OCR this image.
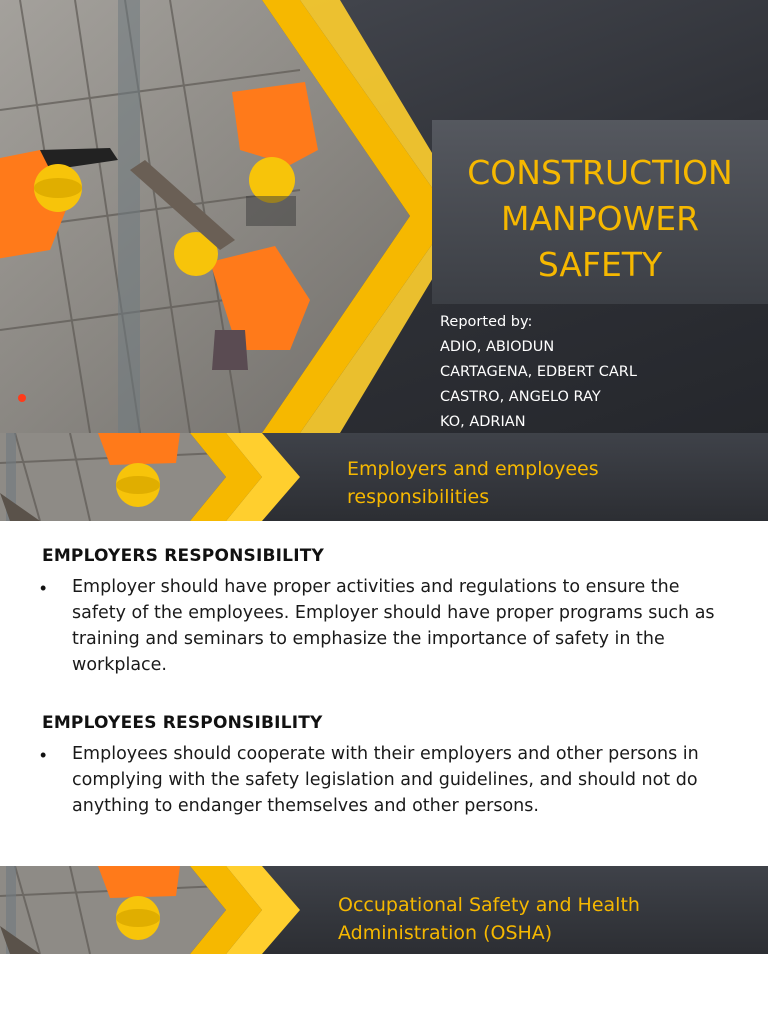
CONSTRUCTION
MANPOWER
SAFETY
Reported by:
ADIO, ABIODUN
CARTAGENA, EDBERT CARL
CASTRO, ANGELO RAY
KO, ADRIAN
Employers and employees
responsibilities
EMPLOYERS RESPONSIBILITY
• Employer should have proper activities and regulations to ensure the
safety of the employees. Employer should have proper programs such as
training and seminars to emphasize the importance of safety in the
workplace.
EMPLOYEES RESPONSIBILITY
• Employees should cooperate with their employers and other persons in
complying with the safety legislation and guidelines, and should not do
anything to endanger themselves and other persons.
Occupational Safety and Health
Administration (OSHA)
